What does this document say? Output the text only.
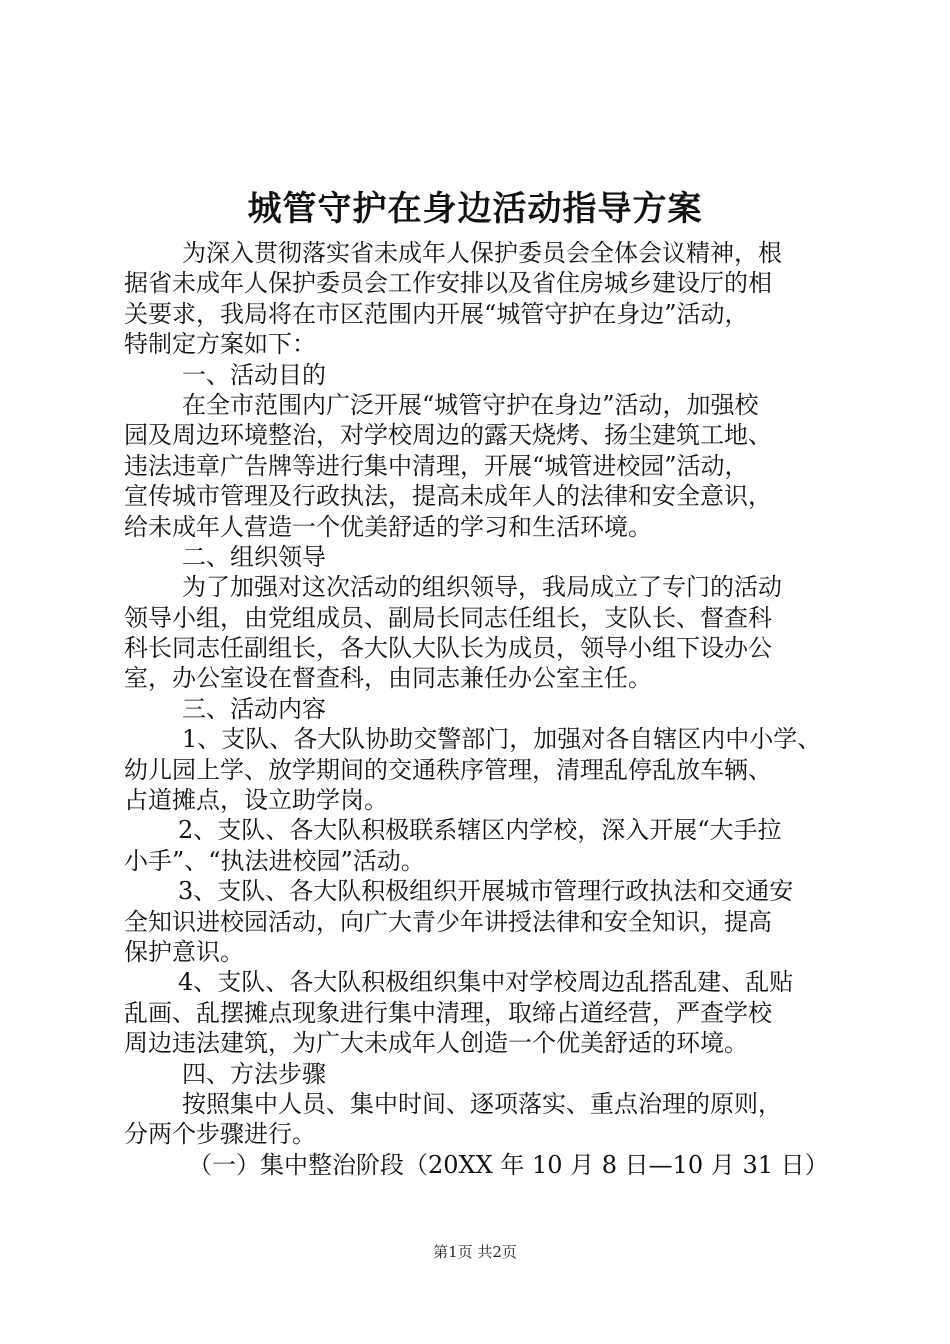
城管守护在身边活动指导方案
为深入贯彻落实省未成年人保护委员会全体会议精神，根
据省未成年人保护委员会工作安排以及省住房城乡建设厅的相
关要求，我局将在市区范围内开展“城管守护在身边”活动，
特制定方案如下：
一、活动目的
在全市范围内广泛开展“城管守护在身边”活动，加强校
园及周边环境整治，对学校周边的露天烧烤、扬尘建筑工地、
违法违章广告牌等进行集中清理，开展“城管进校园”活动，
宣传城市管理及行政执法，提高未成年人的法律和安全意识，
给未成年人营造一个优美舒适的学习和生活环境。
二、组织领导
为了加强对这次活动的组织领导，我局成立了专门的活动
领导小组，由党组成员、副局长同志任组长，支队长、督查科
科长同志任副组长，各大队大队长为成员，领导小组下设办公
室，办公室设在督查科，由同志兼任办公室主任。
三、活动内容
1、支队、各大队协助交警部门，加强对各自辖区内中小学、
幼儿园上学、放学期间的交通秩序管理，清理乱停乱放车辆、
占道摊点，设立助学岗。
2、支队、各大队积极联系辖区内学校，深入开展“大手拉
小手”、“执法进校园”活动。
3、支队、各大队积极组织开展城市管理行政执法和交通安
全知识进校园活动，向广大青少年讲授法律和安全知识，提高
保护意识。
4、支队、各大队积极组织集中对学校周边乱搭乱建、乱贴
乱画、乱摆摊点现象进行集中清理，取缔占道经营，严查学校
周边违法建筑，为广大未成年人创造一个优美舒适的环境。
四、方法步骤
按照集中人员、集中时间、逐项落实、重点治理的原则，
分两个步骤进行。
（一）集中整治阶段（20XX 年 10 月 8 日—10 月 31 日）
第1页 共2页
